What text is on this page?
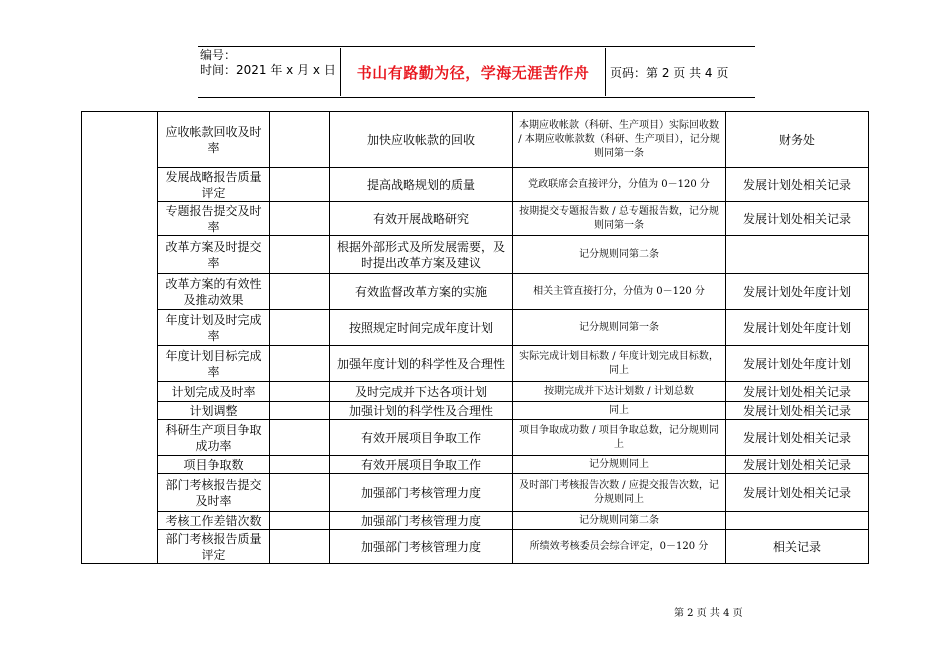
编号：
时间：2021 年 x 月 x 日	书山有路勤为径，学海无涯苦作舟	页码：第 2 页 共 4 页
	应收帐款回收及时率		加快应收帐款的回收	本期应收帐款（科研、生产项目）实际回收数 / 本期应收帐款数（科研、生产项目），记分规则同第一条	财务处
	发展战略报告质量评定		提高战略规划的质量	党政联席会直接评分，分值为 0－120 分	发展计划处相关记录
	专题报告提交及时率		有效开展战略研究	按期提交专题报告数 / 总专题报告数，记分规则同第一条	发展计划处相关记录
	改革方案及时提交率		根据外部形式及所发展需要，及时提出改革方案及建议	记分规则同第二条	
	改革方案的有效性及推动效果		有效监督改革方案的实施	相关主管直接打分，分值为 0－120 分	发展计划处年度计划
	年度计划及时完成率		按照规定时间完成年度计划	记分规则同第一条	发展计划处年度计划
	年度计划目标完成率		加强年度计划的科学性及合理性	实际完成计划目标数 / 年度计划完成目标数，同上	发展计划处年度计划
	计划完成及时率		及时完成并下达各项计划	按期完成并下达计划数 / 计划总数	发展计划处相关记录
	计划调整		加强计划的科学性及合理性	同上	发展计划处相关记录
	科研生产项目争取成功率		有效开展项目争取工作	项目争取成功数 / 项目争取总数，记分规则同上	发展计划处相关记录
	项目争取数		有效开展项目争取工作	记分规则同上	发展计划处相关记录
	部门考核报告提交及时率		加强部门考核管理力度	及时部门考核报告次数 / 应提交报告次数，记分规则同上	发展计划处相关记录
	考核工作差错次数		加强部门考核管理力度	记分规则同第二条	
	部门考核报告质量评定		加强部门考核管理力度	所绩效考核委员会综合评定，0－120 分	相关记录
第 2 页 共 4 页
